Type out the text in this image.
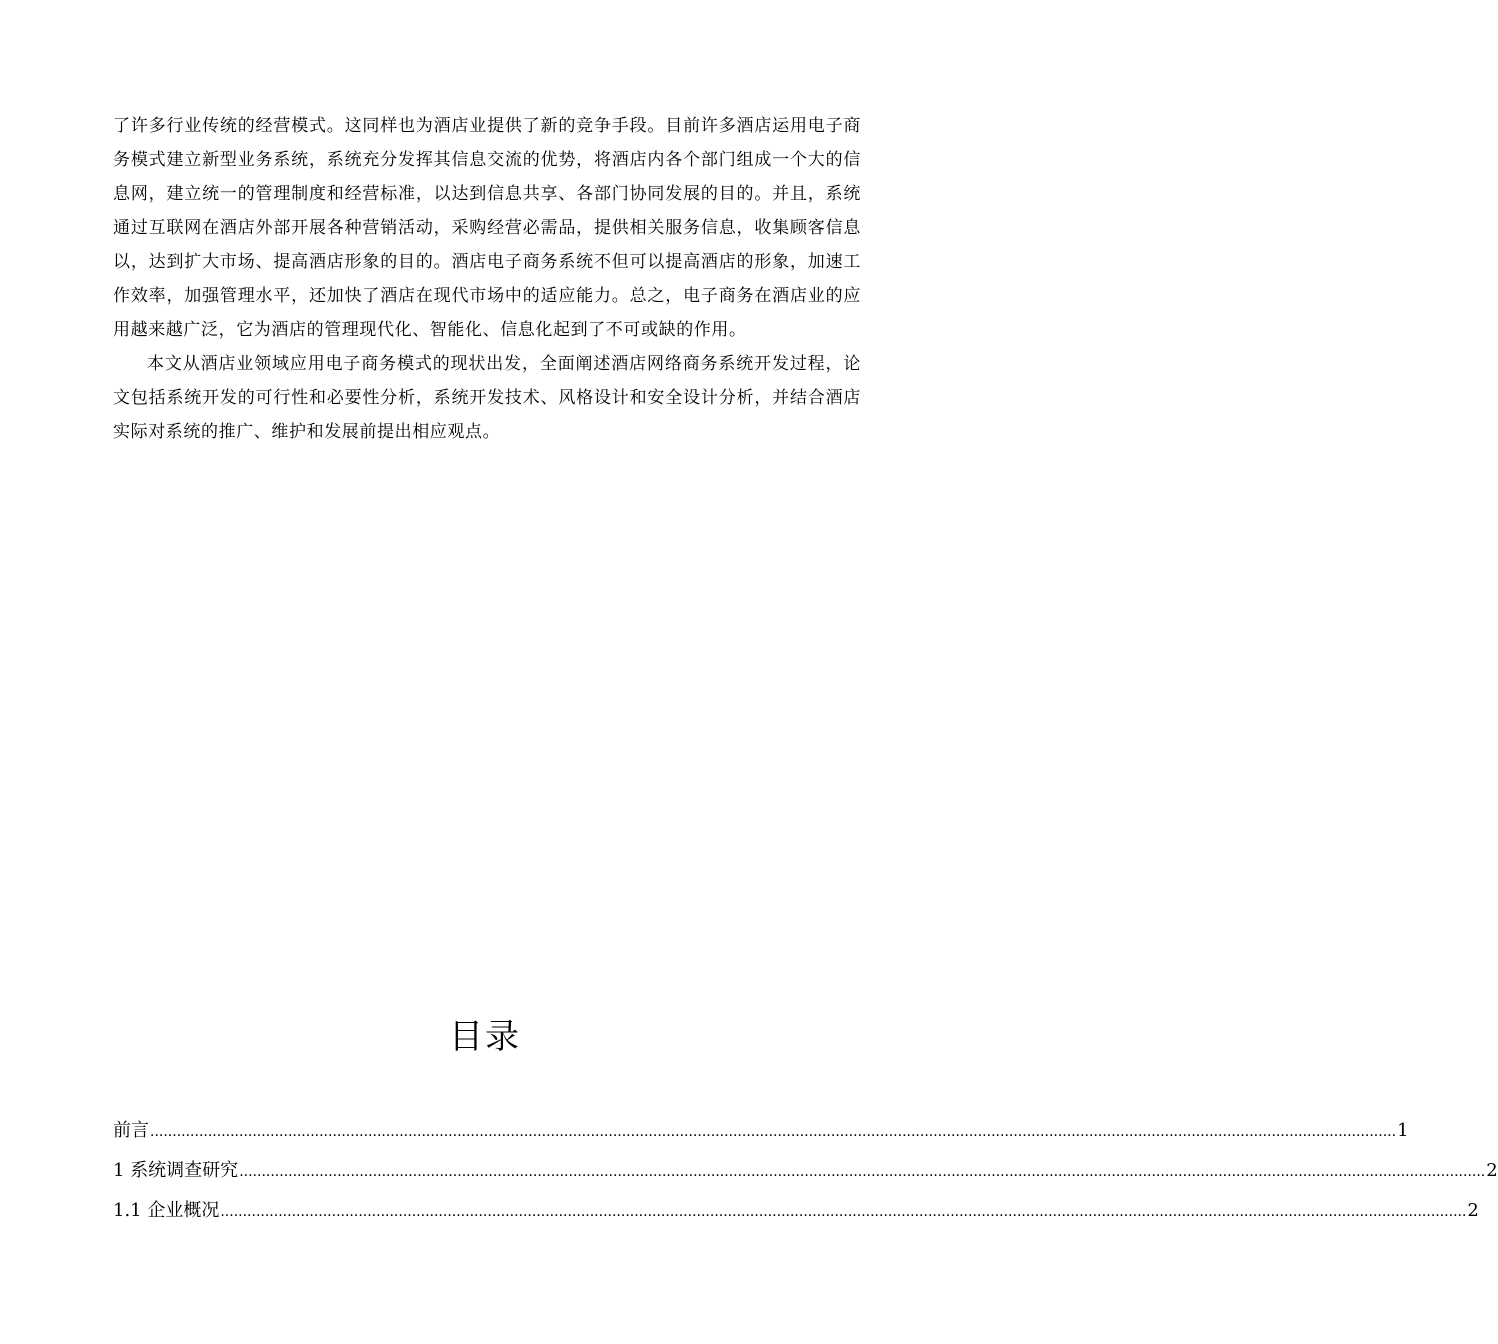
了许多行业传统的经营模式。这同样也为酒店业提供了新的竞争手段。目前许多酒店运用电子商务模式建立新型业务系统，系统充分发挥其信息交流的优势，将酒店内各个部门组成一个大的信息网，建立统一的管理制度和经营标准，以达到信息共享、各部门协同发展的目的。并且，系统通过互联网在酒店外部开展各种营销活动，采购经营必需品，提供相关服务信息，收集顾客信息以，达到扩大市场、提高酒店形象的目的。酒店电子商务系统不但可以提高酒店的形象，加速工作效率，加强管理水平，还加快了酒店在现代市场中的适应能力。总之，电子商务在酒店业的应用越来越广泛，它为酒店的管理现代化、智能化、信息化起到了不可或缺的作用。

本文从酒店业领域应用电子商务模式的现状出发，全面阐述酒店网络商务系统开发过程，论文包括系统开发的可行性和必要性分析，系统开发技术、风格设计和安全设计分析，并结合酒店实际对系统的推广、维护和发展前提出相应观点。

目录
前言 ........................................................................................................................................................................................................................................................................................ 1
1 系统调查研究 ........................................................................................................................................................................................................................................................................................ 2
1.1 企业概况 ........................................................................................................................................................................................................................................................................................ 2
